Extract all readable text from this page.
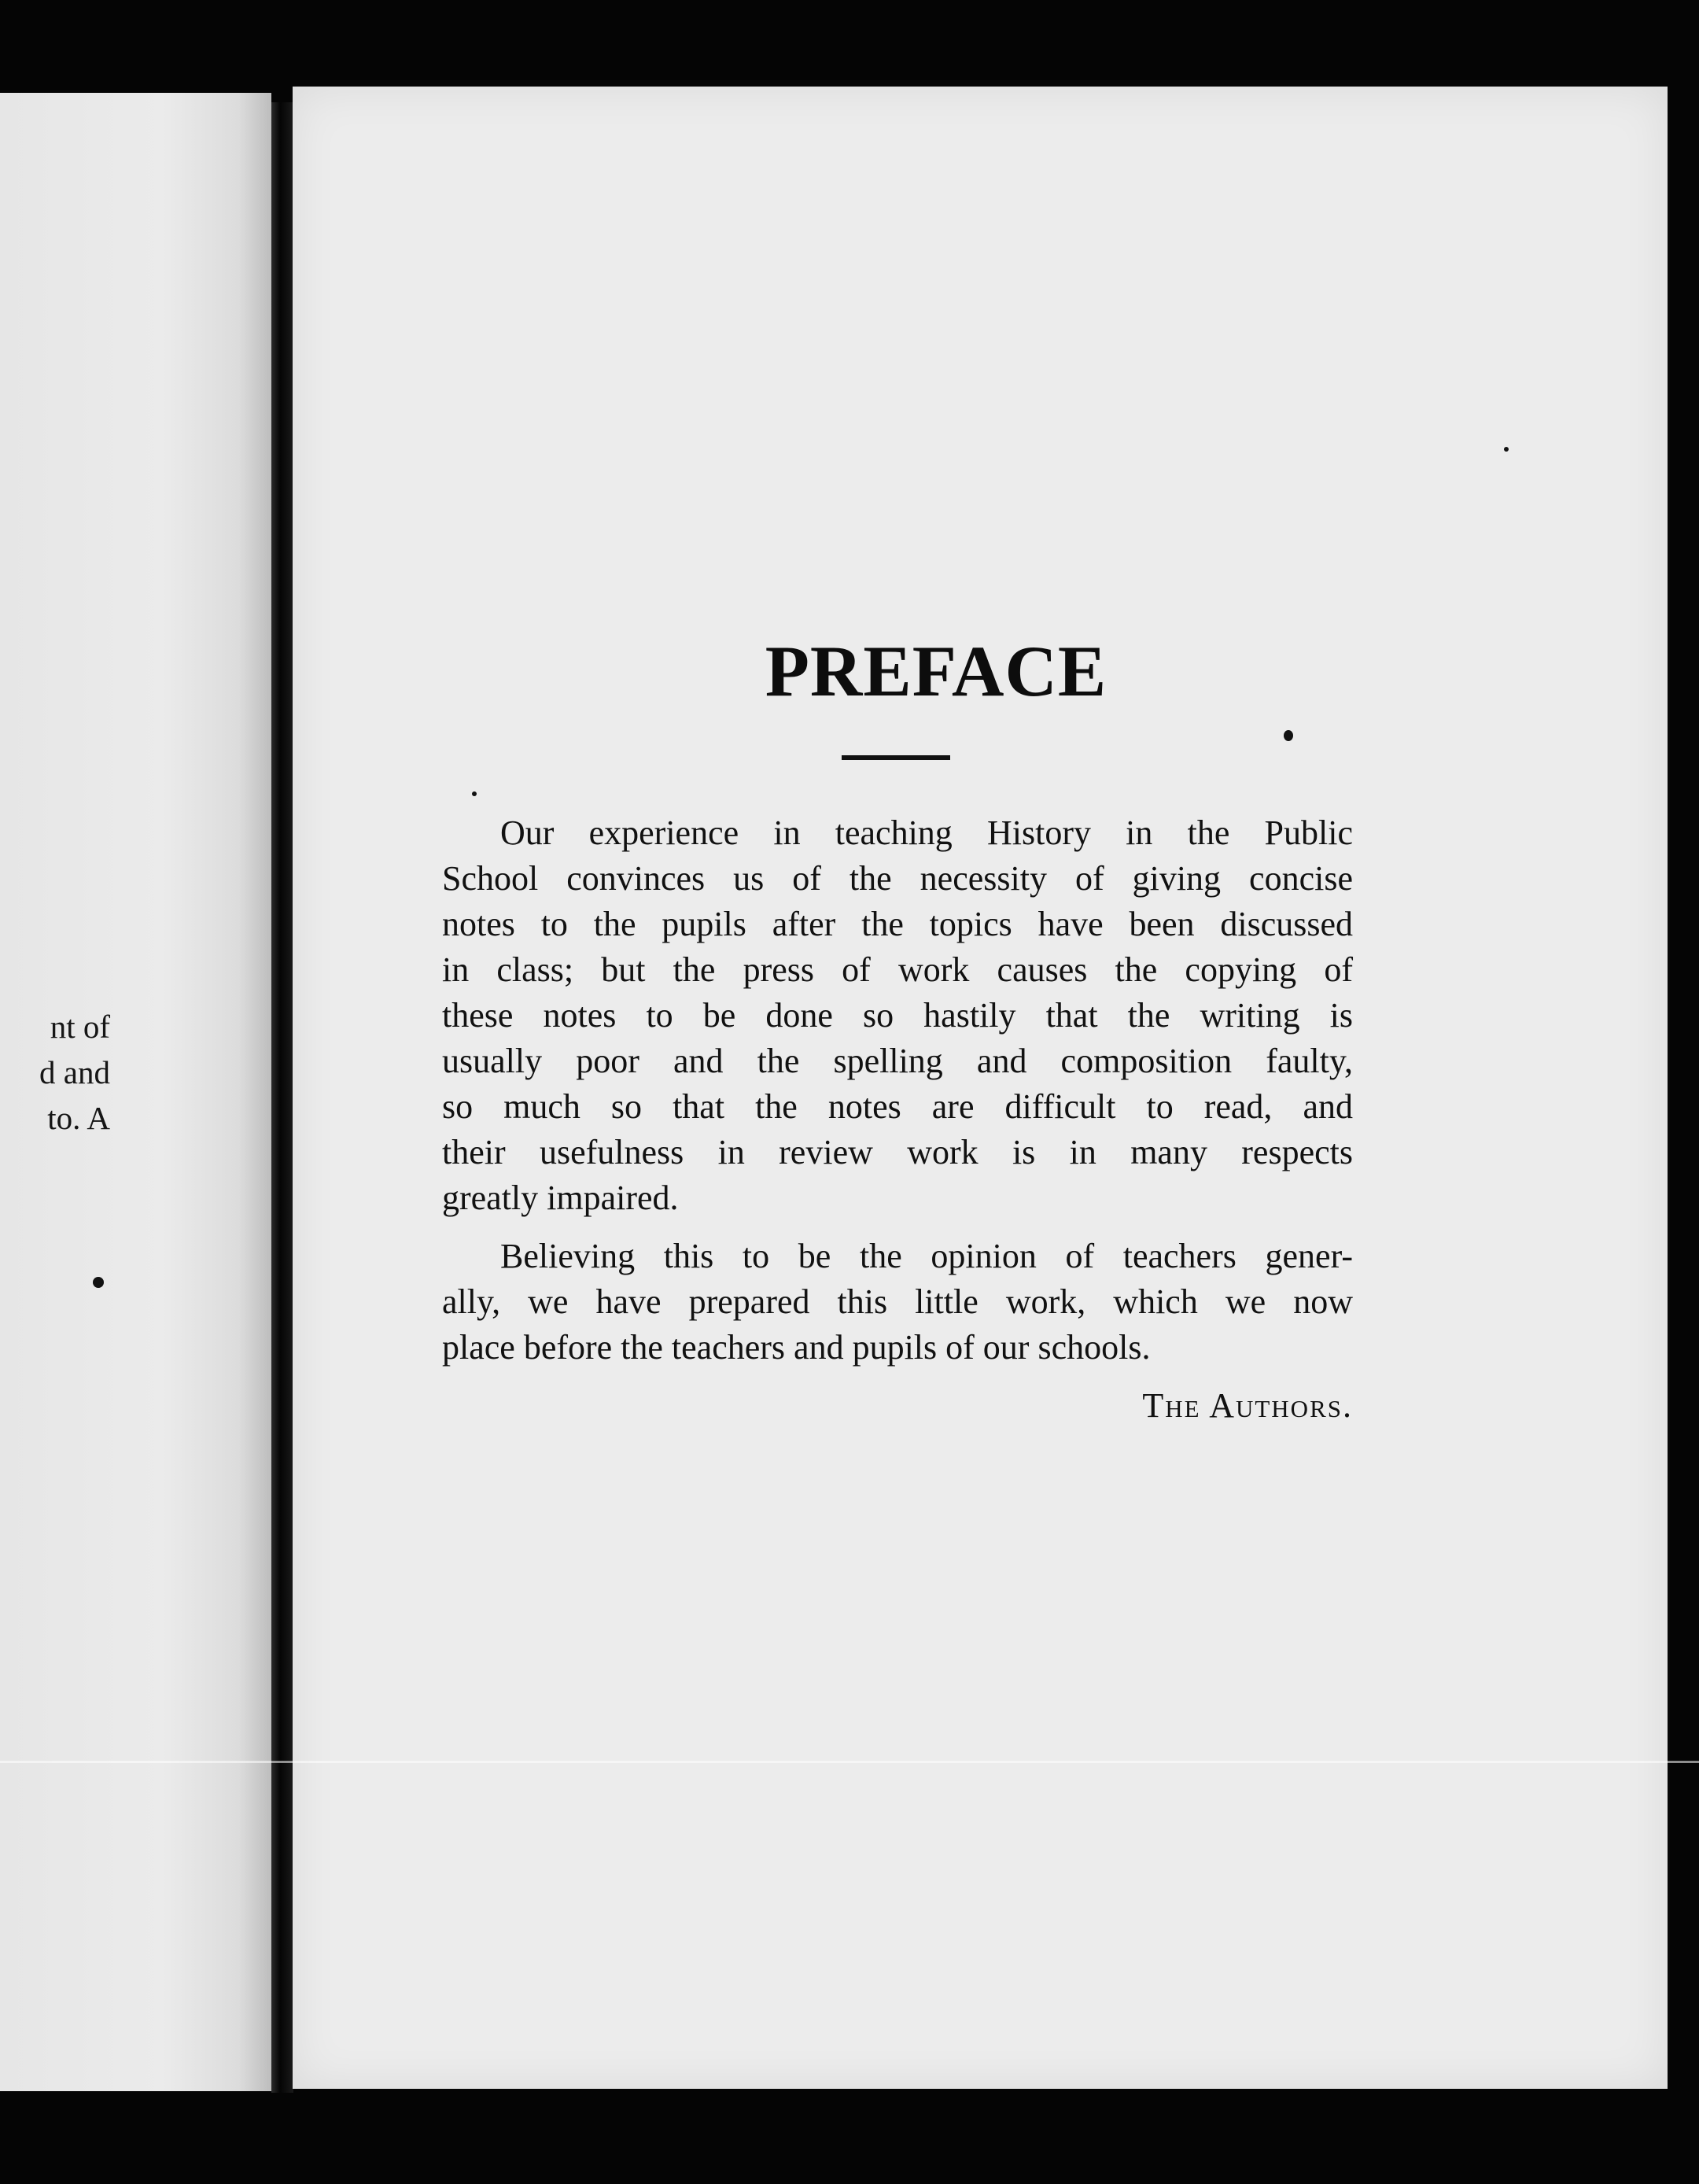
nt of
d and
to. A
PREFACE

Our experience in teaching History in the Public
School convinces us of the necessity of giving concise
notes to the pupils after the topics have been discussed
in class; but the press of work causes the copying of
these notes to be done so hastily that the writing is
usually poor and the spelling and composition faulty,
so much so that the notes are difficult to read, and
their usefulness in review work is in many respects
greatly impaired.

Believing this to be the opinion of teachers gener-
ally, we have prepared this little work, which we now
place before the teachers and pupils of our schools.

The Authors.
